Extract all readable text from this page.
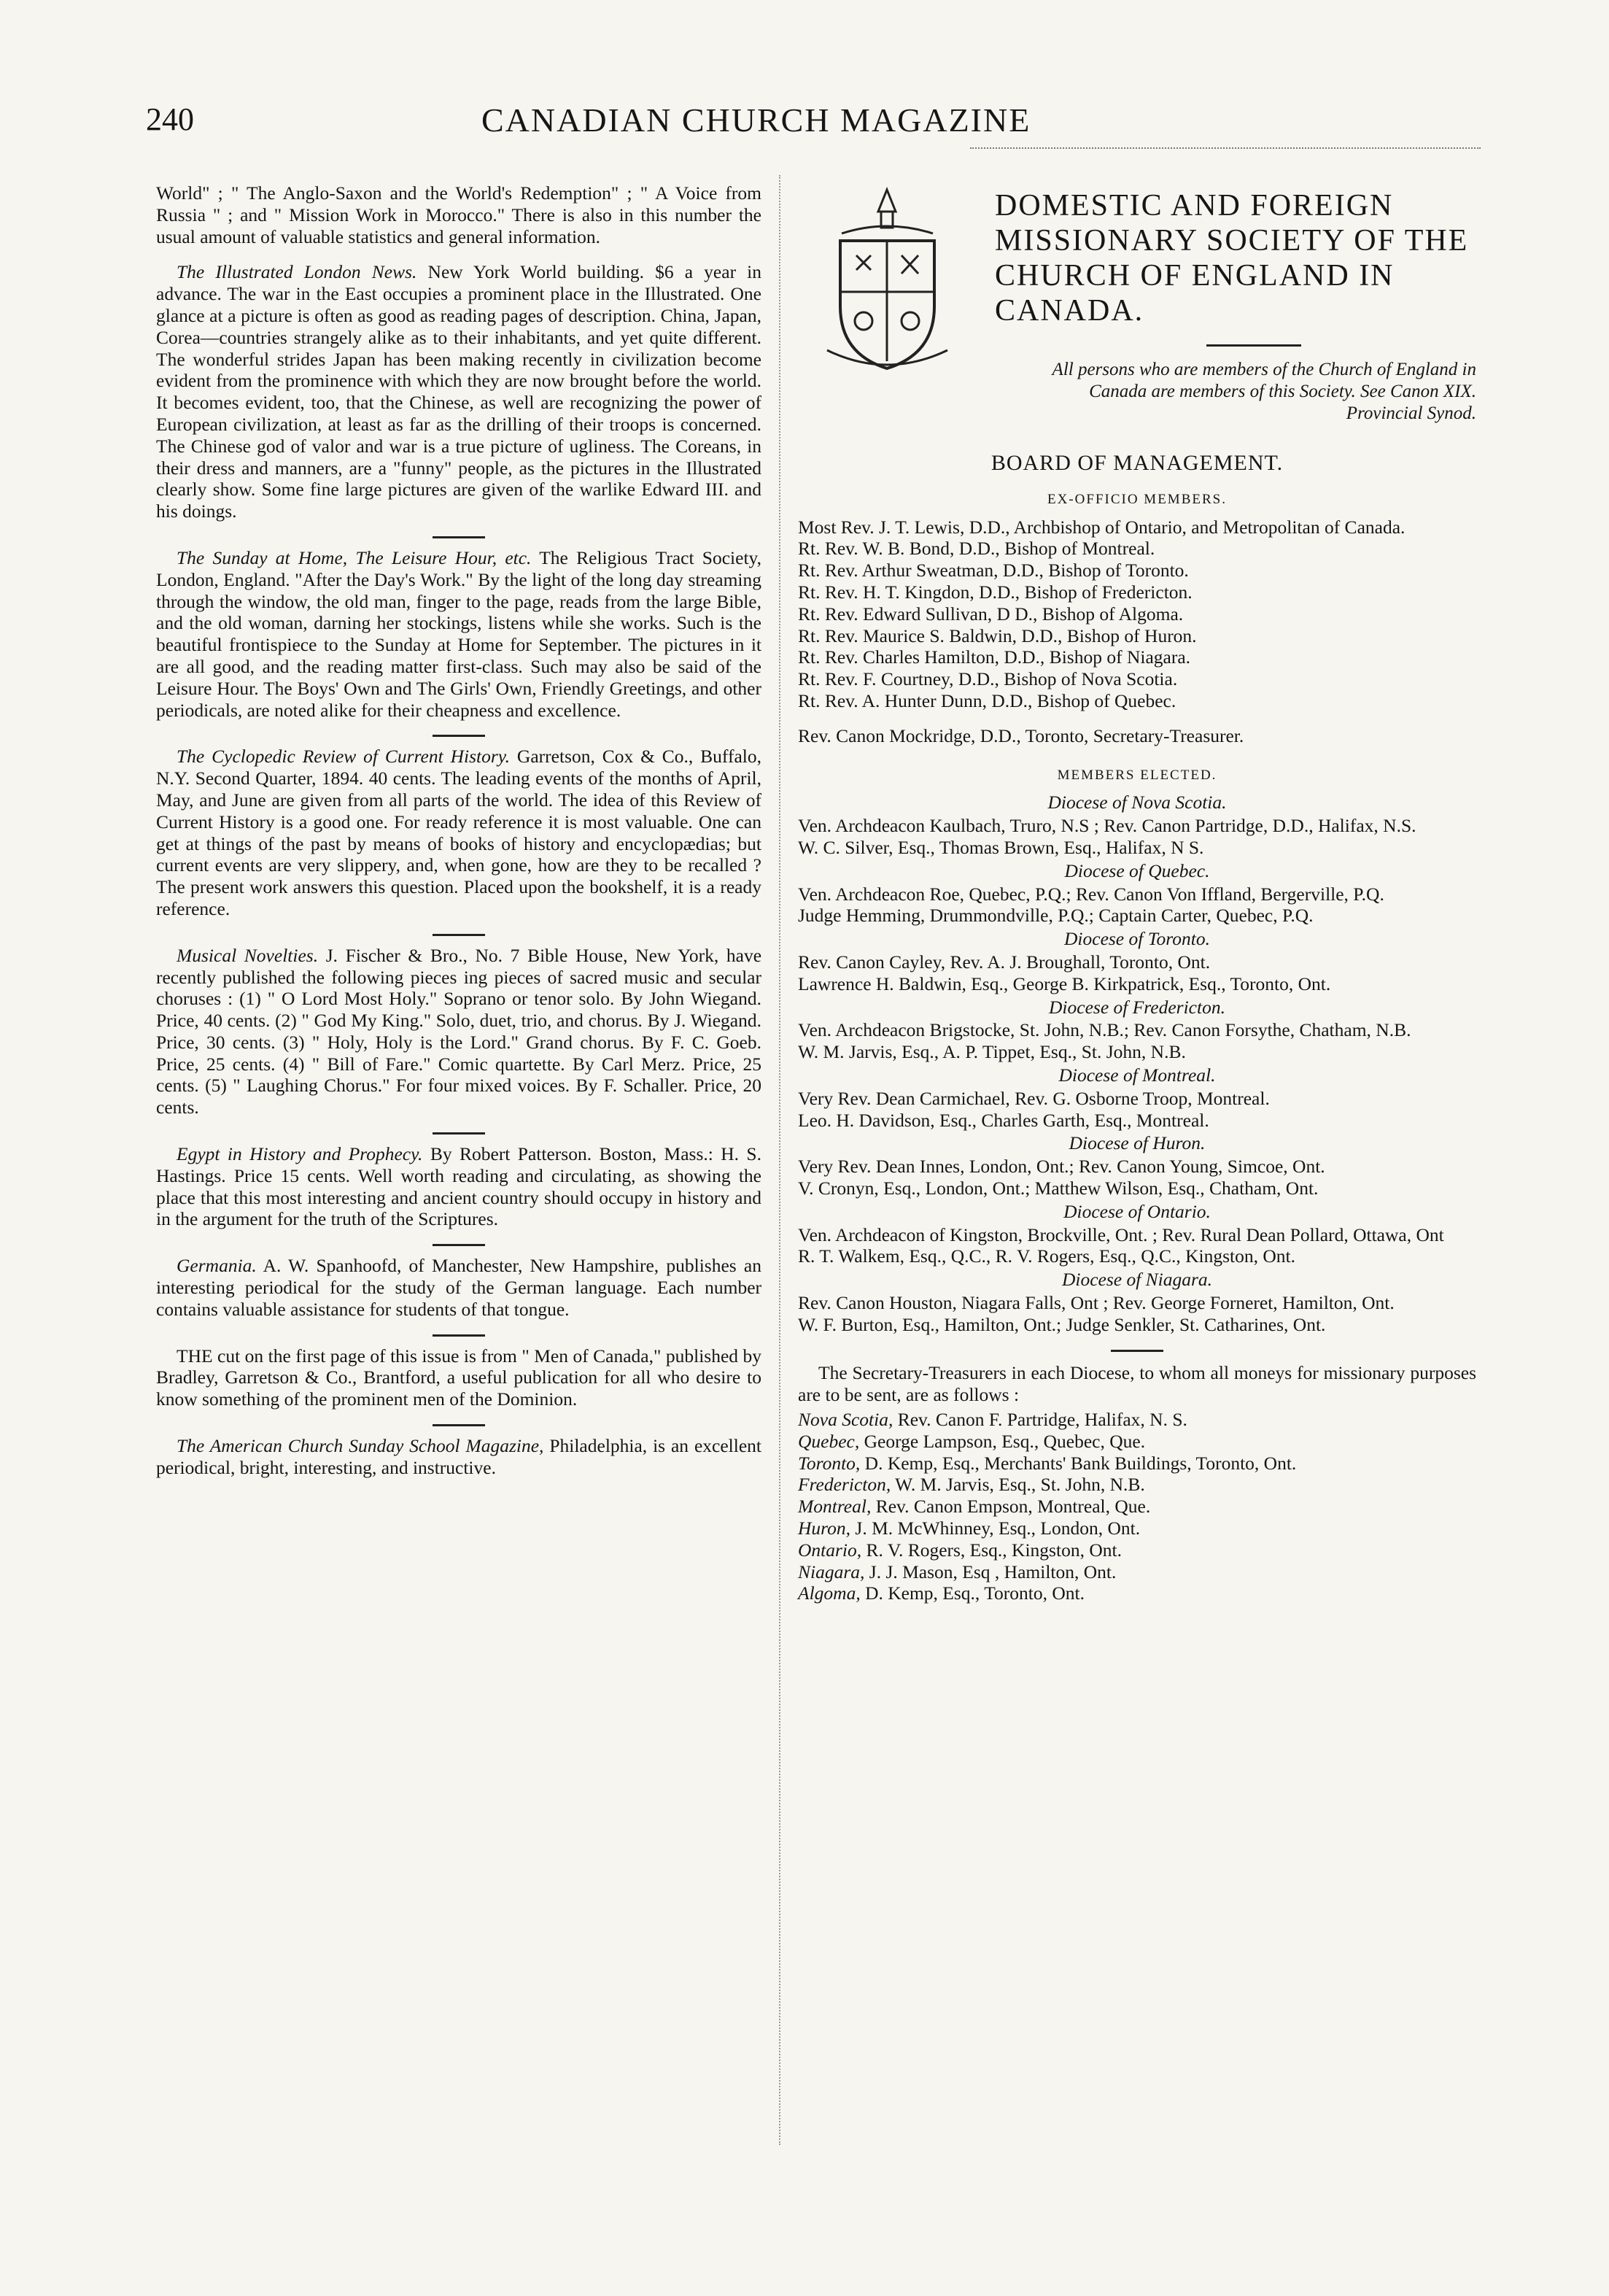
240	CANADIAN CHURCH MAGAZINE

World" ; " The Anglo-Saxon and the World's Redemption" ; " A Voice from Russia " ; and " Mission Work in Morocco." There is also in this number the usual amount of valuable statistics and general information.

The Illustrated London News. New York World building. $6 a year in advance. The war in the East occupies a prominent place in the Illustrated. One glance at a picture is often as good as reading pages of description. China, Japan, Corea—countries strangely alike as to their inhabitants, and yet quite different. The wonderful strides Japan has been making recently in civilization become evident from the prominence with which they are now brought before the world. It becomes evident, too, that the Chinese, as well are recognizing the power of European civilization, at least as far as the drilling of their troops is concerned. The Chinese god of valor and war is a true picture of ugliness. The Coreans, in their dress and manners, are a "funny" people, as the pictures in the Illustrated clearly show. Some fine large pictures are given of the warlike Edward III. and his doings.

The Sunday at Home, The Leisure Hour, etc. The Religious Tract Society, London, England. "After the Day's Work." By the light of the long day streaming through the window, the old man, finger to the page, reads from the large Bible, and the old woman, darning her stockings, listens while she works. Such is the beautiful frontispiece to the Sunday at Home for September. The pictures in it are all good, and the reading matter first-class. Such may also be said of the Leisure Hour. The Boys' Own and The Girls' Own, Friendly Greetings, and other periodicals, are noted alike for their cheapness and excellence.

The Cyclopedic Review of Current History. Garretson, Cox & Co., Buffalo, N.Y. Second Quarter, 1894. 40 cents. The leading events of the months of April, May, and June are given from all parts of the world. The idea of this Review of Current History is a good one. For ready reference it is most valuable. One can get at things of the past by means of books of history and encyclopædias; but current events are very slippery, and, when gone, how are they to be recalled ? The present work answers this question. Placed upon the bookshelf, it is a ready reference.

Musical Novelties. J. Fischer & Bro., No. 7 Bible House, New York, have recently published the following pieces ing pieces of sacred music and secular choruses : (1) " O Lord Most Holy." Soprano or tenor solo. By John Wiegand. Price, 40 cents. (2) " God My King." Solo, duet, trio, and chorus. By J. Wiegand. Price, 30 cents. (3) " Holy, Holy is the Lord." Grand chorus. By F. C. Goeb. Price, 25 cents. (4) " Bill of Fare." Comic quartette. By Carl Merz. Price, 25 cents. (5) " Laughing Chorus." For four mixed voices. By F. Schaller. Price, 20 cents.

Egypt in History and Prophecy. By Robert Patterson. Boston, Mass.: H. S. Hastings. Price 15 cents. Well worth reading and circulating, as showing the place that this most interesting and ancient country should occupy in history and in the argument for the truth of the Scriptures.

Germania. A. W. Spanhoofd, of Manchester, New Hampshire, publishes an interesting periodical for the study of the German language. Each number contains valuable assistance for students of that tongue.

THE cut on the first page of this issue is from " Men of Canada," published by Bradley, Garretson & Co., Brantford, a useful publication for all who desire to know something of the prominent men of the Dominion.

The American Church Sunday School Magazine, Philadelphia, is an excellent periodical, bright, interesting, and instructive.

DOMESTIC AND FOREIGN MISSIONARY SOCIETY OF THE CHURCH OF ENGLAND IN CANADA.
All persons who are members of the Church of England in Canada are members of this Society. See Canon XIX. Provincial Synod.
BOARD OF MANAGEMENT.
EX-OFFICIO MEMBERS.

Most Rev. J. T. Lewis, D.D., Archbishop of Ontario, and Metropolitan of Canada.

Rt. Rev. W. B. Bond, D.D., Bishop of Montreal.

Rt. Rev. Arthur Sweatman, D.D., Bishop of Toronto.

Rt. Rev. H. T. Kingdon, D.D., Bishop of Fredericton.

Rt. Rev. Edward Sullivan, D D., Bishop of Algoma.

Rt. Rev. Maurice S. Baldwin, D.D., Bishop of Huron.

Rt. Rev. Charles Hamilton, D.D., Bishop of Niagara.

Rt. Rev. F. Courtney, D.D., Bishop of Nova Scotia.

Rt. Rev. A. Hunter Dunn, D.D., Bishop of Quebec.

Rev. Canon Mockridge, D.D., Toronto, Secretary-Treasurer.

MEMBERS ELECTED.
Diocese of Nova Scotia.

Ven. Archdeacon Kaulbach, Truro, N.S ; Rev. Canon Partridge, D.D., Halifax, N.S.

W. C. Silver, Esq., Thomas Brown, Esq., Halifax, N S.

Diocese of Quebec.

Ven. Archdeacon Roe, Quebec, P.Q.; Rev. Canon Von Iffland, Bergerville, P.Q.

Judge Hemming, Drummondville, P.Q.; Captain Carter, Quebec, P.Q.

Diocese of Toronto.

Rev. Canon Cayley, Rev. A. J. Broughall, Toronto, Ont.

Lawrence H. Baldwin, Esq., George B. Kirkpatrick, Esq., Toronto, Ont.

Diocese of Fredericton.

Ven. Archdeacon Brigstocke, St. John, N.B.; Rev. Canon Forsythe, Chatham, N.B.

W. M. Jarvis, Esq., A. P. Tippet, Esq., St. John, N.B.

Diocese of Montreal.

Very Rev. Dean Carmichael, Rev. G. Osborne Troop, Montreal.

Leo. H. Davidson, Esq., Charles Garth, Esq., Montreal.

Diocese of Huron.

Very Rev. Dean Innes, London, Ont.; Rev. Canon Young, Simcoe, Ont.

V. Cronyn, Esq., London, Ont.; Matthew Wilson, Esq., Chatham, Ont.

Diocese of Ontario.

Ven. Archdeacon of Kingston, Brockville, Ont. ; Rev. Rural Dean Pollard, Ottawa, Ont

R. T. Walkem, Esq., Q.C., R. V. Rogers, Esq., Q.C., Kingston, Ont.

Diocese of Niagara.

Rev. Canon Houston, Niagara Falls, Ont ; Rev. George Forneret, Hamilton, Ont.

W. F. Burton, Esq., Hamilton, Ont.; Judge Senkler, St. Catharines, Ont.

The Secretary-Treasurers in each Diocese, to whom all moneys for missionary purposes are to be sent, are as follows :

Nova Scotia, Rev. Canon F. Partridge, Halifax, N. S.

Quebec, George Lampson, Esq., Quebec, Que.

Toronto, D. Kemp, Esq., Merchants' Bank Buildings, Toronto, Ont.

Fredericton, W. M. Jarvis, Esq., St. John, N.B.

Montreal, Rev. Canon Empson, Montreal, Que.

Huron, J. M. McWhinney, Esq., London, Ont.

Ontario, R. V. Rogers, Esq., Kingston, Ont.

Niagara, J. J. Mason, Esq , Hamilton, Ont.

Algoma, D. Kemp, Esq., Toronto, Ont.
